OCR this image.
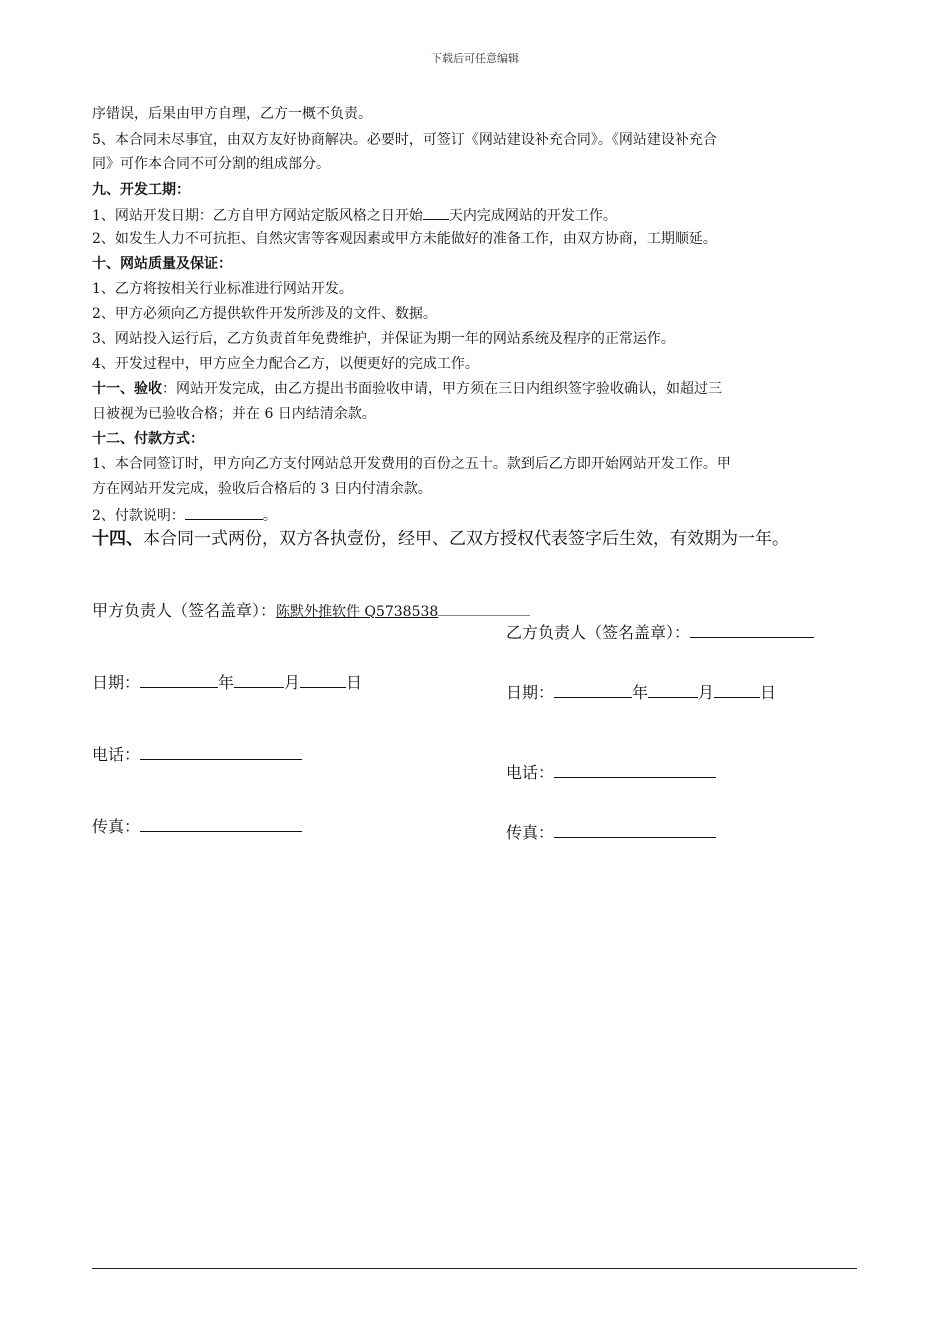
下载后可任意编辑
序错误，后果由甲方自理，乙方一概不负责。
5、本合同未尽事宜，由双方友好协商解决。必要时，可签订《网站建设补充合同》。《网站建设补充合
同》可作本合同不可分割的组成部分。
九、开发工期：
1、网站开发日期：乙方自甲方网站定版风格之日开始 天内完成网站的开发工作。
2、如发生人力不可抗拒、自然灾害等客观因素或甲方未能做好的准备工作，由双方协商，工期顺延。
十、网站质量及保证：
1、乙方将按相关行业标准进行网站开发。
2、甲方必须向乙方提供软件开发所涉及的文件、数据。
3、网站投入运行后，乙方负责首年免费维护，并保证为期一年的网站系统及程序的正常运作。
4、开发过程中，甲方应全力配合乙方，以便更好的完成工作。
十一、验收：网站开发完成，由乙方提出书面验收申请，甲方须在三日内组织签字验收确认，如超过三
日被视为已验收合格；并在 6 日内结清余款。
十二、付款方式：
1、本合同签订时，甲方向乙方支付网站总开发费用的百份之五十。款到后乙方即开始网站开发工作。甲
方在网站开发完成，验收后合格后的 3 日内付清余款。
2、付款说明：	。
十四、本合同一式两份，双方各执壹份，经甲、乙双方授权代表签字后生效，有效期为一年。
甲方负责人（签名盖章）：陈默外推软件 Q5738538
日期：	年	月	日
电话：
传真：
乙方负责人（签名盖章）：
日期：	年	月	日
电话：
传真：
